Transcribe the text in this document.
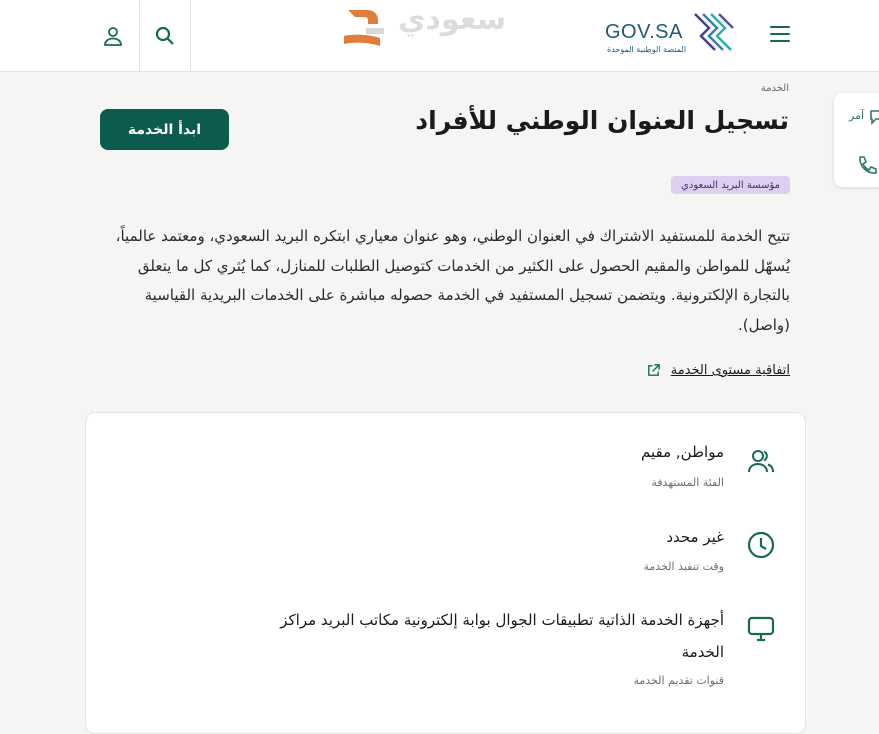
سعودي	GOV.SA
المنصة الوطنية الموحدة
آمر
الخدمة
تسجيل العنوان الوطني للأفراد
ابدأ الخدمة
مؤسسة البريد السعودي

تتيح الخدمة للمستفيد الاشتراك في العنوان الوطني، وهو عنوان معياري ابتكره البريد السعودي، ومعتمد عالمياً، يُسهّل للمواطن والمقيم الحصول على الكثير من الخدمات كتوصيل الطلبات للمنازل، كما يُثري كل ما يتعلق بالتجارة الإلكترونية. ويتضمن تسجيل المستفيد في الخدمة حصوله مباشرة على الخدمات البريدية القياسية (واصل).

اتفاقية مستوى الخدمة
مواطن, مقيم
الفئة المستهدفة
غير محدد
وقت تنفيذ الخدمة
أجهزة الخدمة الذاتية تطبيقات الجوال بوابة إلكترونية مكاتب البريد مراكز الخدمة
قنوات تقديم الخدمة
